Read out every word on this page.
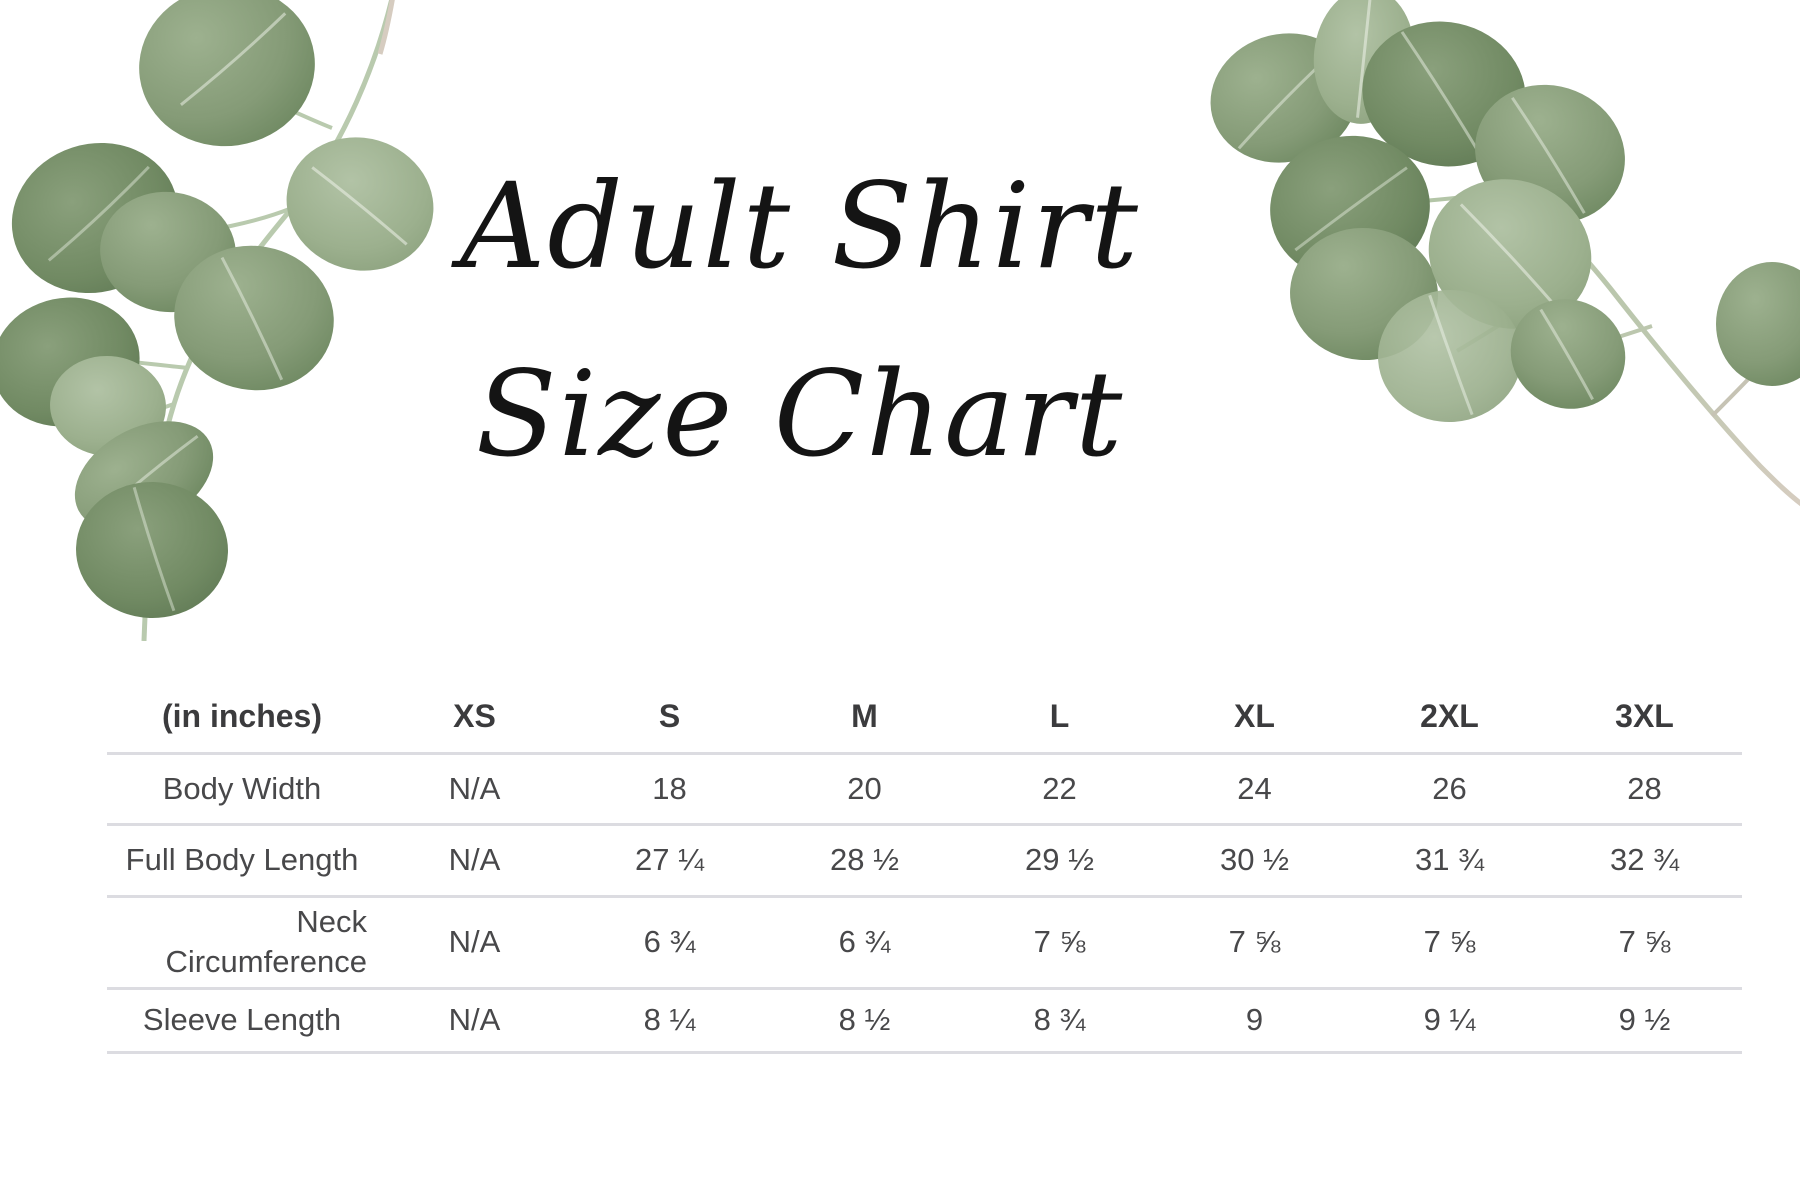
Adult Shirt
Size Chart
(in inches)	XS	S	M	L	XL	2XL	3XL
Body Width	N/A	18	20	22	24	26	28
Full Body Length	N/A	27 ¼	28 ½	29 ½	30 ½	31 ¾	32 ¾
Neck Circumference	N/A	6 ¾	6 ¾	7 ⅝	7 ⅝	7 ⅝	7 ⅝
Sleeve Length	N/A	8 ¼	8 ½	8 ¾	9	9 ¼	9 ½
